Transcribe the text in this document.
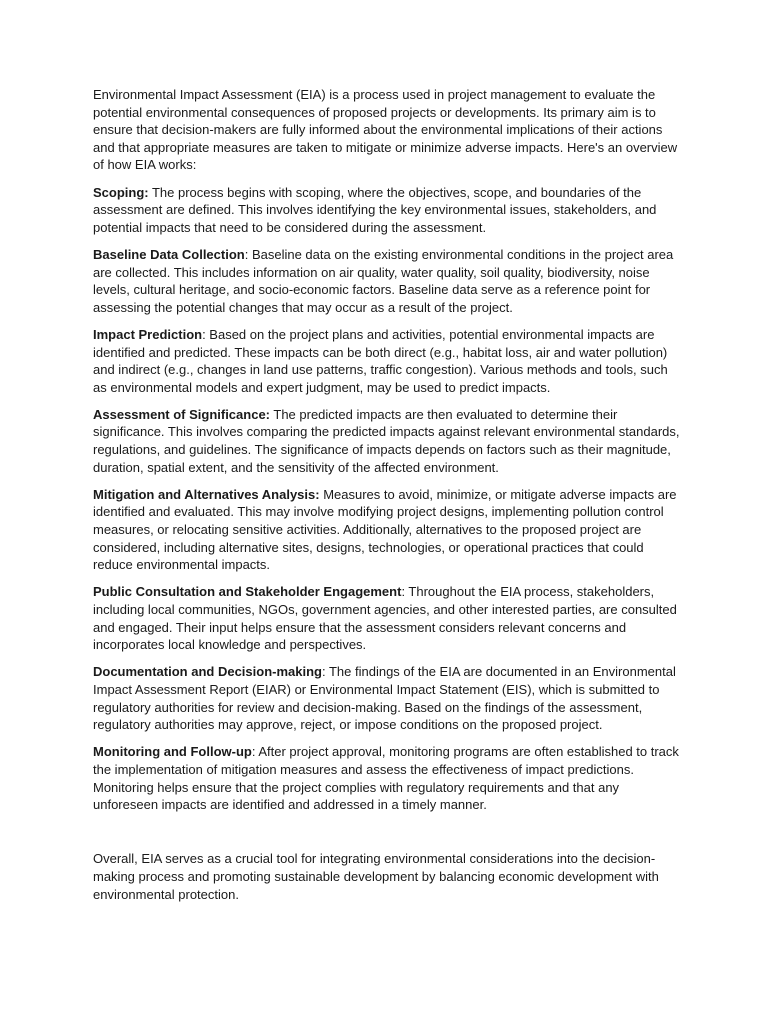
Environmental Impact Assessment (EIA) is a process used in project management to evaluate the potential environmental consequences of proposed projects or developments. Its primary aim is to ensure that decision-makers are fully informed about the environmental implications of their actions and that appropriate measures are taken to mitigate or minimize adverse impacts. Here's an overview of how EIA works:

Scoping: The process begins with scoping, where the objectives, scope, and boundaries of the assessment are defined. This involves identifying the key environmental issues, stakeholders, and potential impacts that need to be considered during the assessment.

Baseline Data Collection: Baseline data on the existing environmental conditions in the project area are collected. This includes information on air quality, water quality, soil quality, biodiversity, noise levels, cultural heritage, and socio-economic factors. Baseline data serve as a reference point for assessing the potential changes that may occur as a result of the project.

Impact Prediction: Based on the project plans and activities, potential environmental impacts are identified and predicted. These impacts can be both direct (e.g., habitat loss, air and water pollution) and indirect (e.g., changes in land use patterns, traffic congestion). Various methods and tools, such as environmental models and expert judgment, may be used to predict impacts.

Assessment of Significance: The predicted impacts are then evaluated to determine their significance. This involves comparing the predicted impacts against relevant environmental standards, regulations, and guidelines. The significance of impacts depends on factors such as their magnitude, duration, spatial extent, and the sensitivity of the affected environment.

Mitigation and Alternatives Analysis: Measures to avoid, minimize, or mitigate adverse impacts are identified and evaluated. This may involve modifying project designs, implementing pollution control measures, or relocating sensitive activities. Additionally, alternatives to the proposed project are considered, including alternative sites, designs, technologies, or operational practices that could reduce environmental impacts.

Public Consultation and Stakeholder Engagement: Throughout the EIA process, stakeholders, including local communities, NGOs, government agencies, and other interested parties, are consulted and engaged. Their input helps ensure that the assessment considers relevant concerns and incorporates local knowledge and perspectives.

Documentation and Decision-making: The findings of the EIA are documented in an Environmental Impact Assessment Report (EIAR) or Environmental Impact Statement (EIS), which is submitted to regulatory authorities for review and decision-making. Based on the findings of the assessment, regulatory authorities may approve, reject, or impose conditions on the proposed project.

Monitoring and Follow-up: After project approval, monitoring programs are often established to track the implementation of mitigation measures and assess the effectiveness of impact predictions. Monitoring helps ensure that the project complies with regulatory requirements and that any unforeseen impacts are identified and addressed in a timely manner.

Overall, EIA serves as a crucial tool for integrating environmental considerations into the decision-making process and promoting sustainable development by balancing economic development with environmental protection.
